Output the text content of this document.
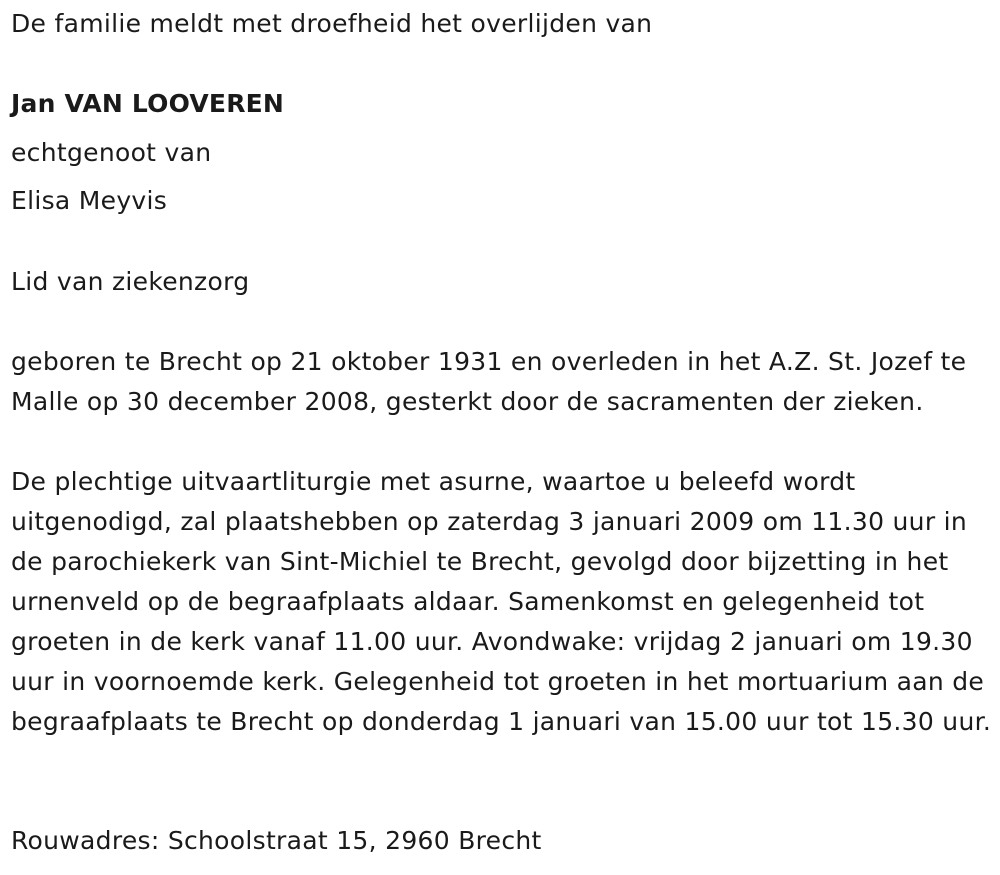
De familie meldt met droefheid het overlijden van

Jan VAN LOOVEREN

echtgenoot van

Elisa Meyvis

Lid van ziekenzorg

geboren te Brecht op 21 oktober 1931 en overleden in het A.Z. St. Jozef te Malle op 30 december 2008, gesterkt door de sacramenten der zieken.

De plechtige uitvaartliturgie met asurne, waartoe u beleefd wordt uitgenodigd, zal plaatshebben op zaterdag 3 januari 2009 om 11.30 uur in de parochiekerk van Sint-Michiel te Brecht, gevolgd door bijzetting in het urnenveld op de begraafplaats aldaar. Samenkomst en gelegenheid tot groeten in de kerk vanaf 11.00 uur. Avondwake: vrijdag 2 januari om 19.30 uur in voornoemde kerk. Gelegenheid tot groeten in het mortuarium aan de begraafplaats te Brecht op donderdag 1 januari van 15.00 uur tot 15.30 uur.

Rouwadres: Schoolstraat 15, 2960 Brecht
